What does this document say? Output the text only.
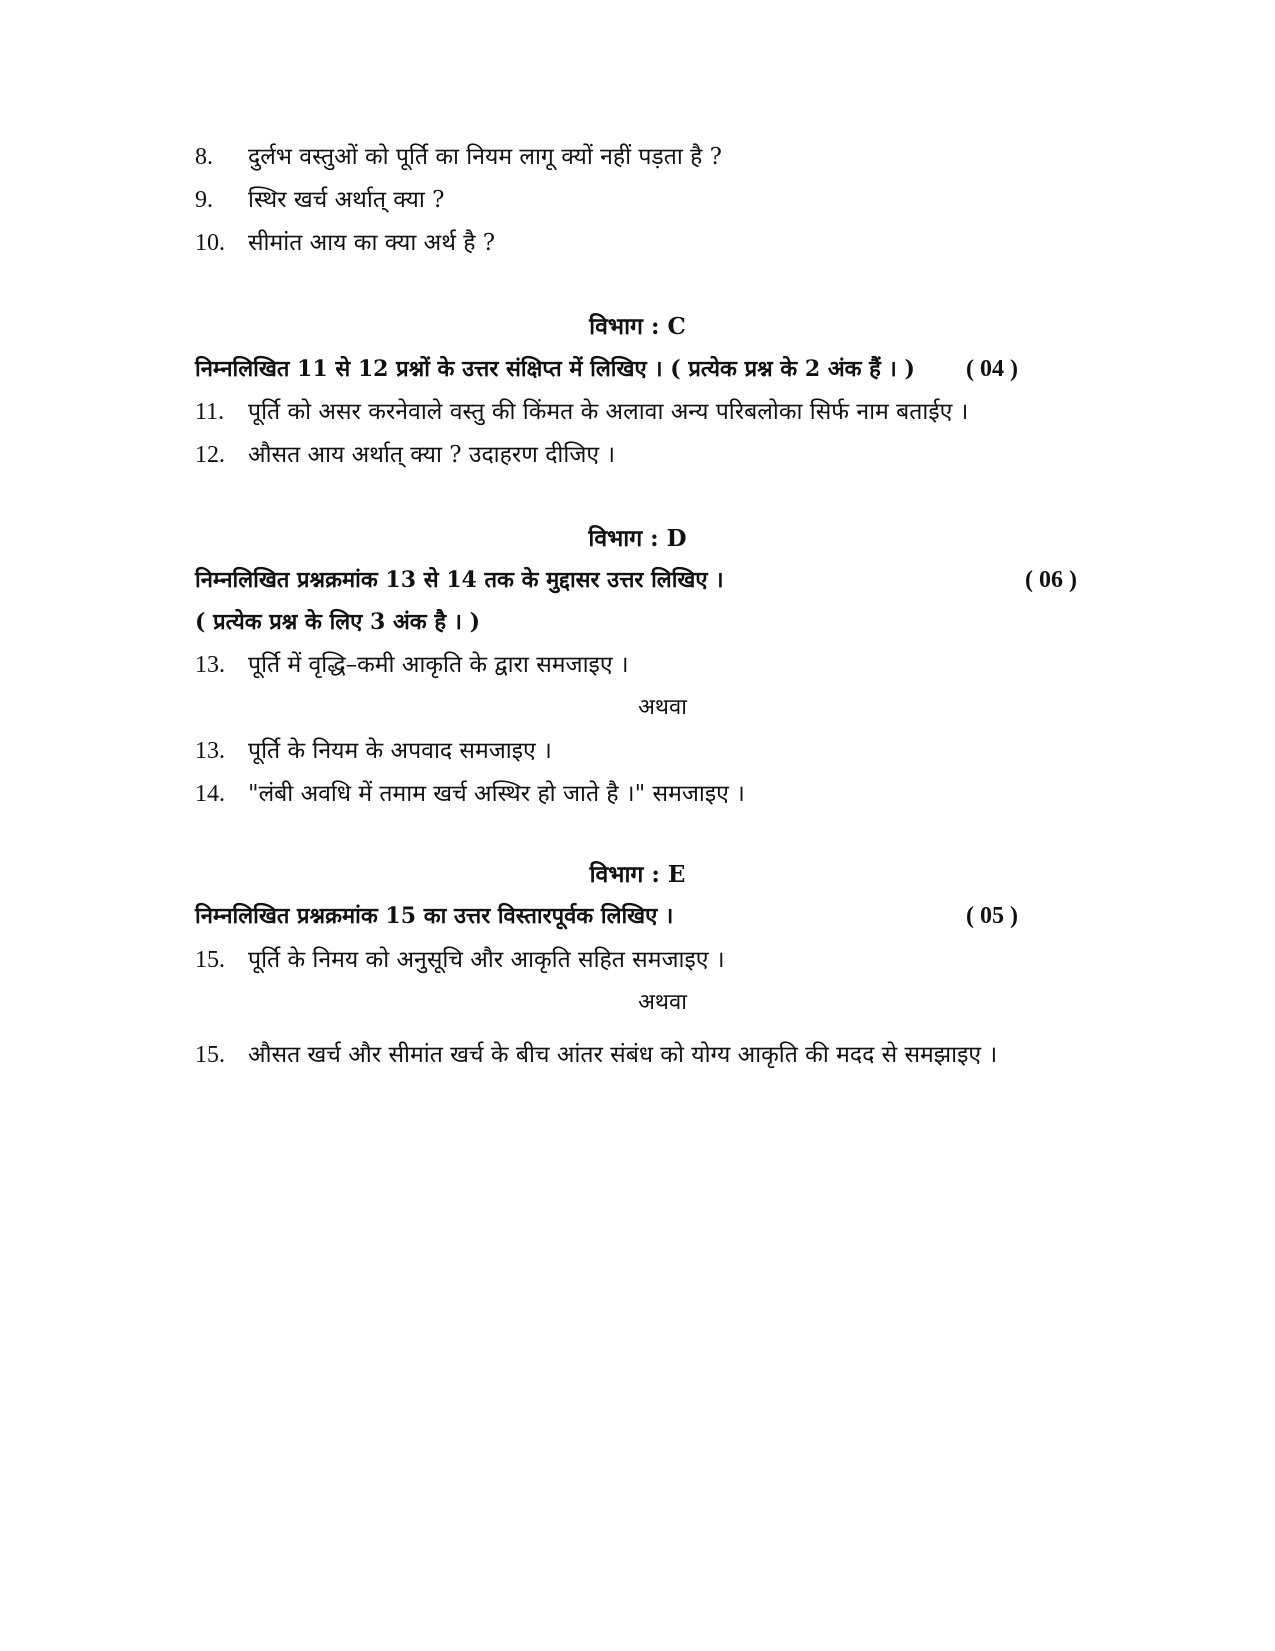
8. दुर्लभ वस्तुओं को पूर्ति का नियम लागू क्यों नहीं पड़ता है ?
9. स्थिर खर्च अर्थात् क्या ?
10. सीमांत आय का क्या अर्थ है ?
विभाग : C
निम्नलिखित 11 से 12 प्रश्नों के उत्तर संक्षिप्त में लिखिए । ( प्रत्येक प्रश्न के 2 अंक हैं । ) ( 04 )
11. पूर्ति को असर करनेवाले वस्तु की किंमत के अलावा अन्य परिबलोका सिर्फ नाम बताईए ।
12. औसत आय अर्थात् क्या ? उदाहरण दीजिए ।
विभाग : D
निम्नलिखित प्रश्नक्रमांक 13 से 14 तक के मुद्दासर उत्तर लिखिए ।	( 06 )
( प्रत्येक प्रश्न के लिए 3 अंक है । )
13. पूर्ति में वृद्धि–कमी आकृति के द्वारा समजाइए ।
अथवा
13. पूर्ति के नियम के अपवाद समजाइए ।
14. "लंबी अवधि में तमाम खर्च अस्थिर हो जाते है ।" समजाइए ।
विभाग : E
निम्नलिखित प्रश्नक्रमांक 15 का उत्तर विस्तारपूर्वक लिखिए ।	( 05 )
15. पूर्ति के निमय को अनुसूचि और आकृति सहित समजाइए ।
अथवा
15. औसत खर्च और सीमांत खर्च के बीच आंतर संबंध को योग्य आकृति की मदद से समझाइए ।
